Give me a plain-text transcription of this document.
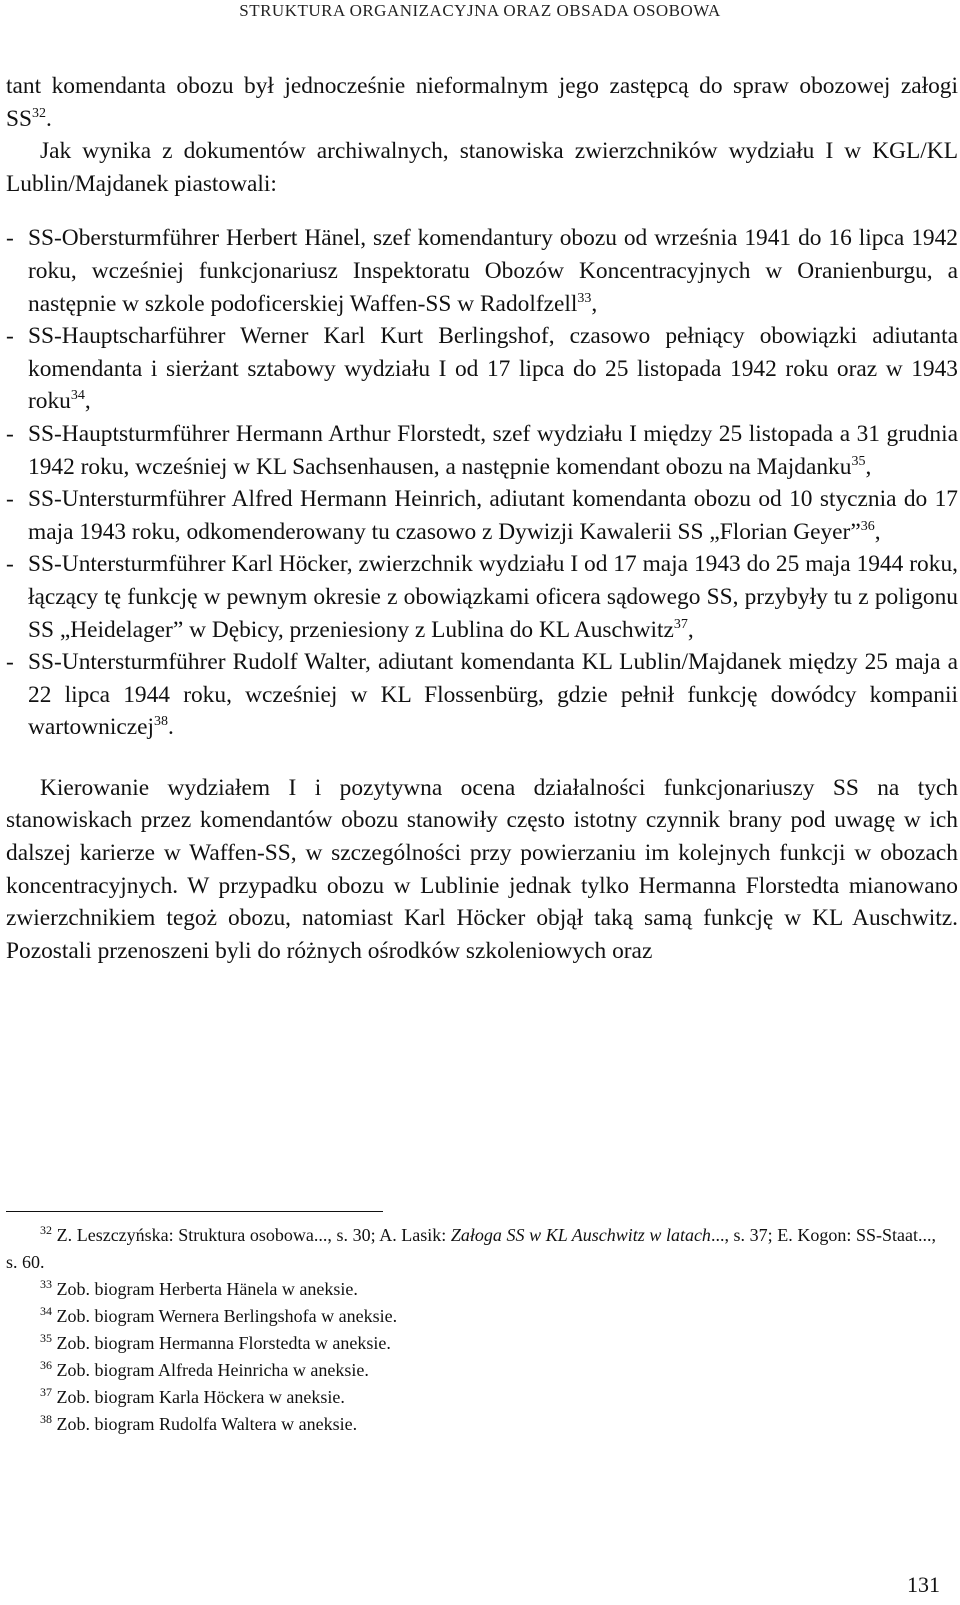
STRUKTURA ORGANIZACYJNA ORAZ OBSADA OSOBOWA

tant komendanta obozu był jednocześnie nieformalnym jego zastępcą do spraw obozowej załogi SS$^{32}$.

Jak wynika z dokumentów archiwalnych, stanowiska zwierzchników wydziału I w KGL/KL Lublin/Majdanek piastowali:

- SS-Obersturmführer Herbert Hänel, szef komendantury obozu od września 1941 do 16 lipca 1942 roku, wcześniej funkcjonariusz Inspektoratu Obozów Koncentracyjnych w Oranienburgu, a następnie w szkole podoficerskiej Waffen-SS w Radolfzell$^{33}$,
- SS-Hauptscharführer Werner Karl Kurt Berlingshof, czasowo pełniący obowiązki adiutanta komendanta i sierżant sztabowy wydziału I od 17 lipca do 25 listopada 1942 roku oraz w 1943 roku$^{34}$,
- SS-Hauptsturmführer Hermann Arthur Florstedt, szef wydziału I między 25 listopada a 31 grudnia 1942 roku, wcześniej w KL Sachsenhausen, a następnie komendant obozu na Majdanku$^{35}$,
- SS-Untersturmführer Alfred Hermann Heinrich, adiutant komendanta obozu od 10 stycznia do 17 maja 1943 roku, odkomenderowany tu czasowo z Dywizji Kawalerii SS „Florian Geyer”$^{36}$,
- SS-Untersturmführer Karl Höcker, zwierzchnik wydziału I od 17 maja 1943 do 25 maja 1944 roku, łączący tę funkcję w pewnym okresie z obowiązkami oficera sądowego SS, przybyły tu z poligonu SS „Heidelager” w Dębicy, przeniesiony z Lublina do KL Auschwitz$^{37}$,
- SS-Untersturmführer Rudolf Walter, adiutant komendanta KL Lublin/Majdanek między 25 maja a 22 lipca 1944 roku, wcześniej w KL Flossenbürg, gdzie pełnił funkcję dowódcy kompanii wartowniczej$^{38}$.

Kierowanie wydziałem I i pozytywna ocena działalności funkcjonariuszy SS na tych stanowiskach przez komendantów obozu stanowiły często istotny czynnik brany pod uwagę w ich dalszej karierze w Waffen-SS, w szczególności przy powierzaniu im kolejnych funkcji w obozach koncentracyjnych. W przypadku obozu w Lublinie jednak tylko Hermanna Florstedta mianowano zwierzchnikiem tegoż obozu, natomiast Karl Höcker objął taką samą funkcję w KL Auschwitz. Pozostali przenoszeni byli do różnych ośrodków szkoleniowych oraz

$^{32}$ Z. Leszczyńska: Struktura osobowa..., s. 30; A. Lasik: Załoga SS w KL Auschwitz w latach..., s. 37; E. Kogon: SS-Staat..., s. 60.

$^{33}$ Zob. biogram Herberta Hänela w aneksie.

$^{34}$ Zob. biogram Wernera Berlingshofa w aneksie.

$^{35}$ Zob. biogram Hermanna Florstedta w aneksie.

$^{36}$ Zob. biogram Alfreda Heinricha w aneksie.

$^{37}$ Zob. biogram Karla Höckera w aneksie.

$^{38}$ Zob. biogram Rudolfa Waltera w aneksie.

131
